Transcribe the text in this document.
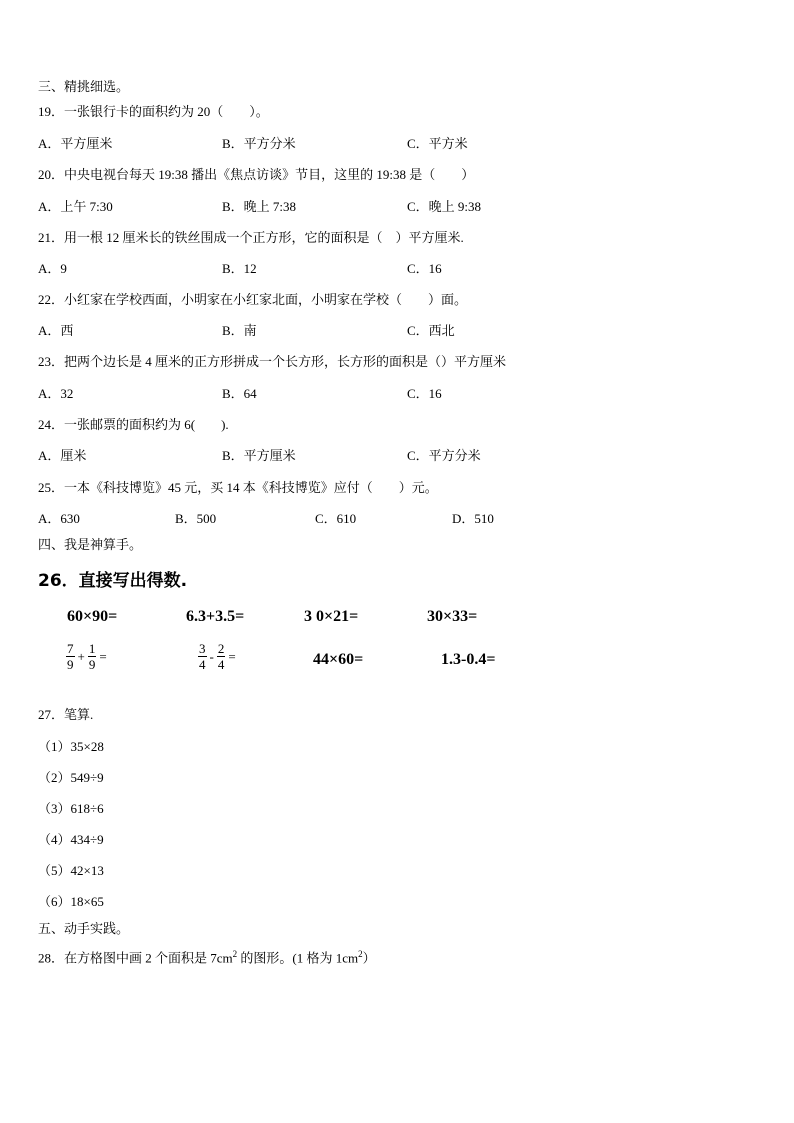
三、精挑细选。
19．一张银行卡的面积约为 20（　　）。
A．平方厘米	B．平方分米	C．平方米
20．中央电视台每天 19:38 播出《焦点访谈》节目，这里的 19:38 是（　　）
A．上午 7:30	B．晚上 7:38	C．晚上 9:38
21．用一根 12 厘米长的铁丝围成一个正方形，它的面积是（　）平方厘米.
A．9	B．12	C．16
22．小红家在学校西面，小明家在小红家北面，小明家在学校（　　）面。
A．西	B．南	C．西北
23．把两个边长是 4 厘米的正方形拼成一个长方形，长方形的面积是（）平方厘米
A．32	B．64	C．16
24．一张邮票的面积约为 6(　　).
A．厘米	B．平方厘米	C．平方分米
25．一本《科技博览》45 元，买 14 本《科技博览》应付（　　）元。
A．630	B．500	C．610	D．510
四、我是神算手。
26．直接写出得数.
60×90=	6.3+3.5=	3 0×21=	30×33=
$\frac{7}{9} + \frac{1}{9}$ =	$\frac{3}{4} - \frac{2}{4}$ =	44×60=	1.3-0.4=
27．笔算.
（1）35×28
（2）549÷9
（3）618÷6
（4）434÷9
（5）42×13
（6）18×65
五、动手实践。
28．在方格图中画 2 个面积是 $7cm^2$ 的图形。(1 格为 $1cm^2$）
